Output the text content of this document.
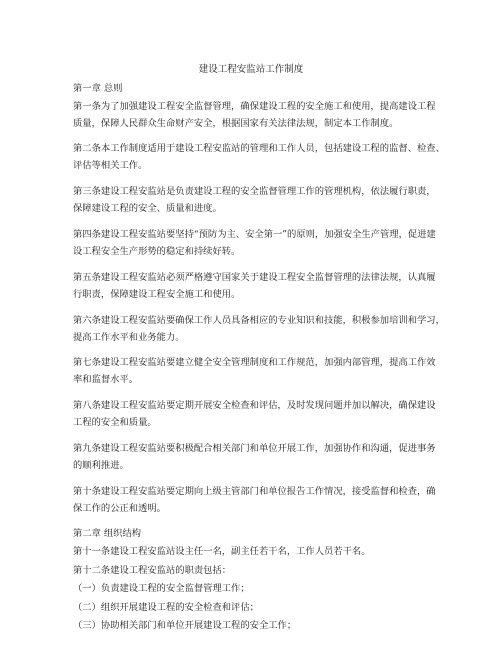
建设工程安监站工作制度
第一章 总则
第一条为了加强建设工程安全监督管理，确保建设工程的安全施工和使用，提高建设工程
质量，保障人民群众生命财产安全，根据国家有关法律法规，制定本工作制度。
第二条本工作制度适用于建设工程安监站的管理和工作人员，包括建设工程的监督、检查、
评估等相关工作。
第三条建设工程安监站是负责建设工程的安全监督管理工作的管理机构，依法履行职责，
保障建设工程的安全、质量和进度。
第四条建设工程安监站要坚持“预防为主、安全第一”的原则，加强安全生产管理，促进建
设工程安全生产形势的稳定和持续好转。
第五条建设工程安监站必须严格遵守国家关于建设工程安全监督管理的法律法规，认真履
行职责，保障建设工程安全施工和使用。
第六条建设工程安监站要确保工作人员具备相应的专业知识和技能，积极参加培训和学习，
提高工作水平和业务能力。
第七条建设工程安监站要建立健全安全管理制度和工作规范，加强内部管理，提高工作效
率和监督水平。
第八条建设工程安监站要定期开展安全检查和评估，及时发现问题并加以解决，确保建设
工程的安全和质量。
第九条建设工程安监站要积极配合相关部门和单位开展工作，加强协作和沟通，促进事务
的顺利推进。
第十条建设工程安监站要定期向上级主管部门和单位报告工作情况，接受监督和检查，确
保工作的公正和透明。
第二章 组织结构
第十一条建设工程安监站设主任一名，副主任若干名，工作人员若干名。
第十二条建设工程安监站的职责包括：
（一）负责建设工程的安全监督管理工作；
（二）组织开展建设工程的安全检查和评估；
（三）协助相关部门和单位开展建设工程的安全工作；
